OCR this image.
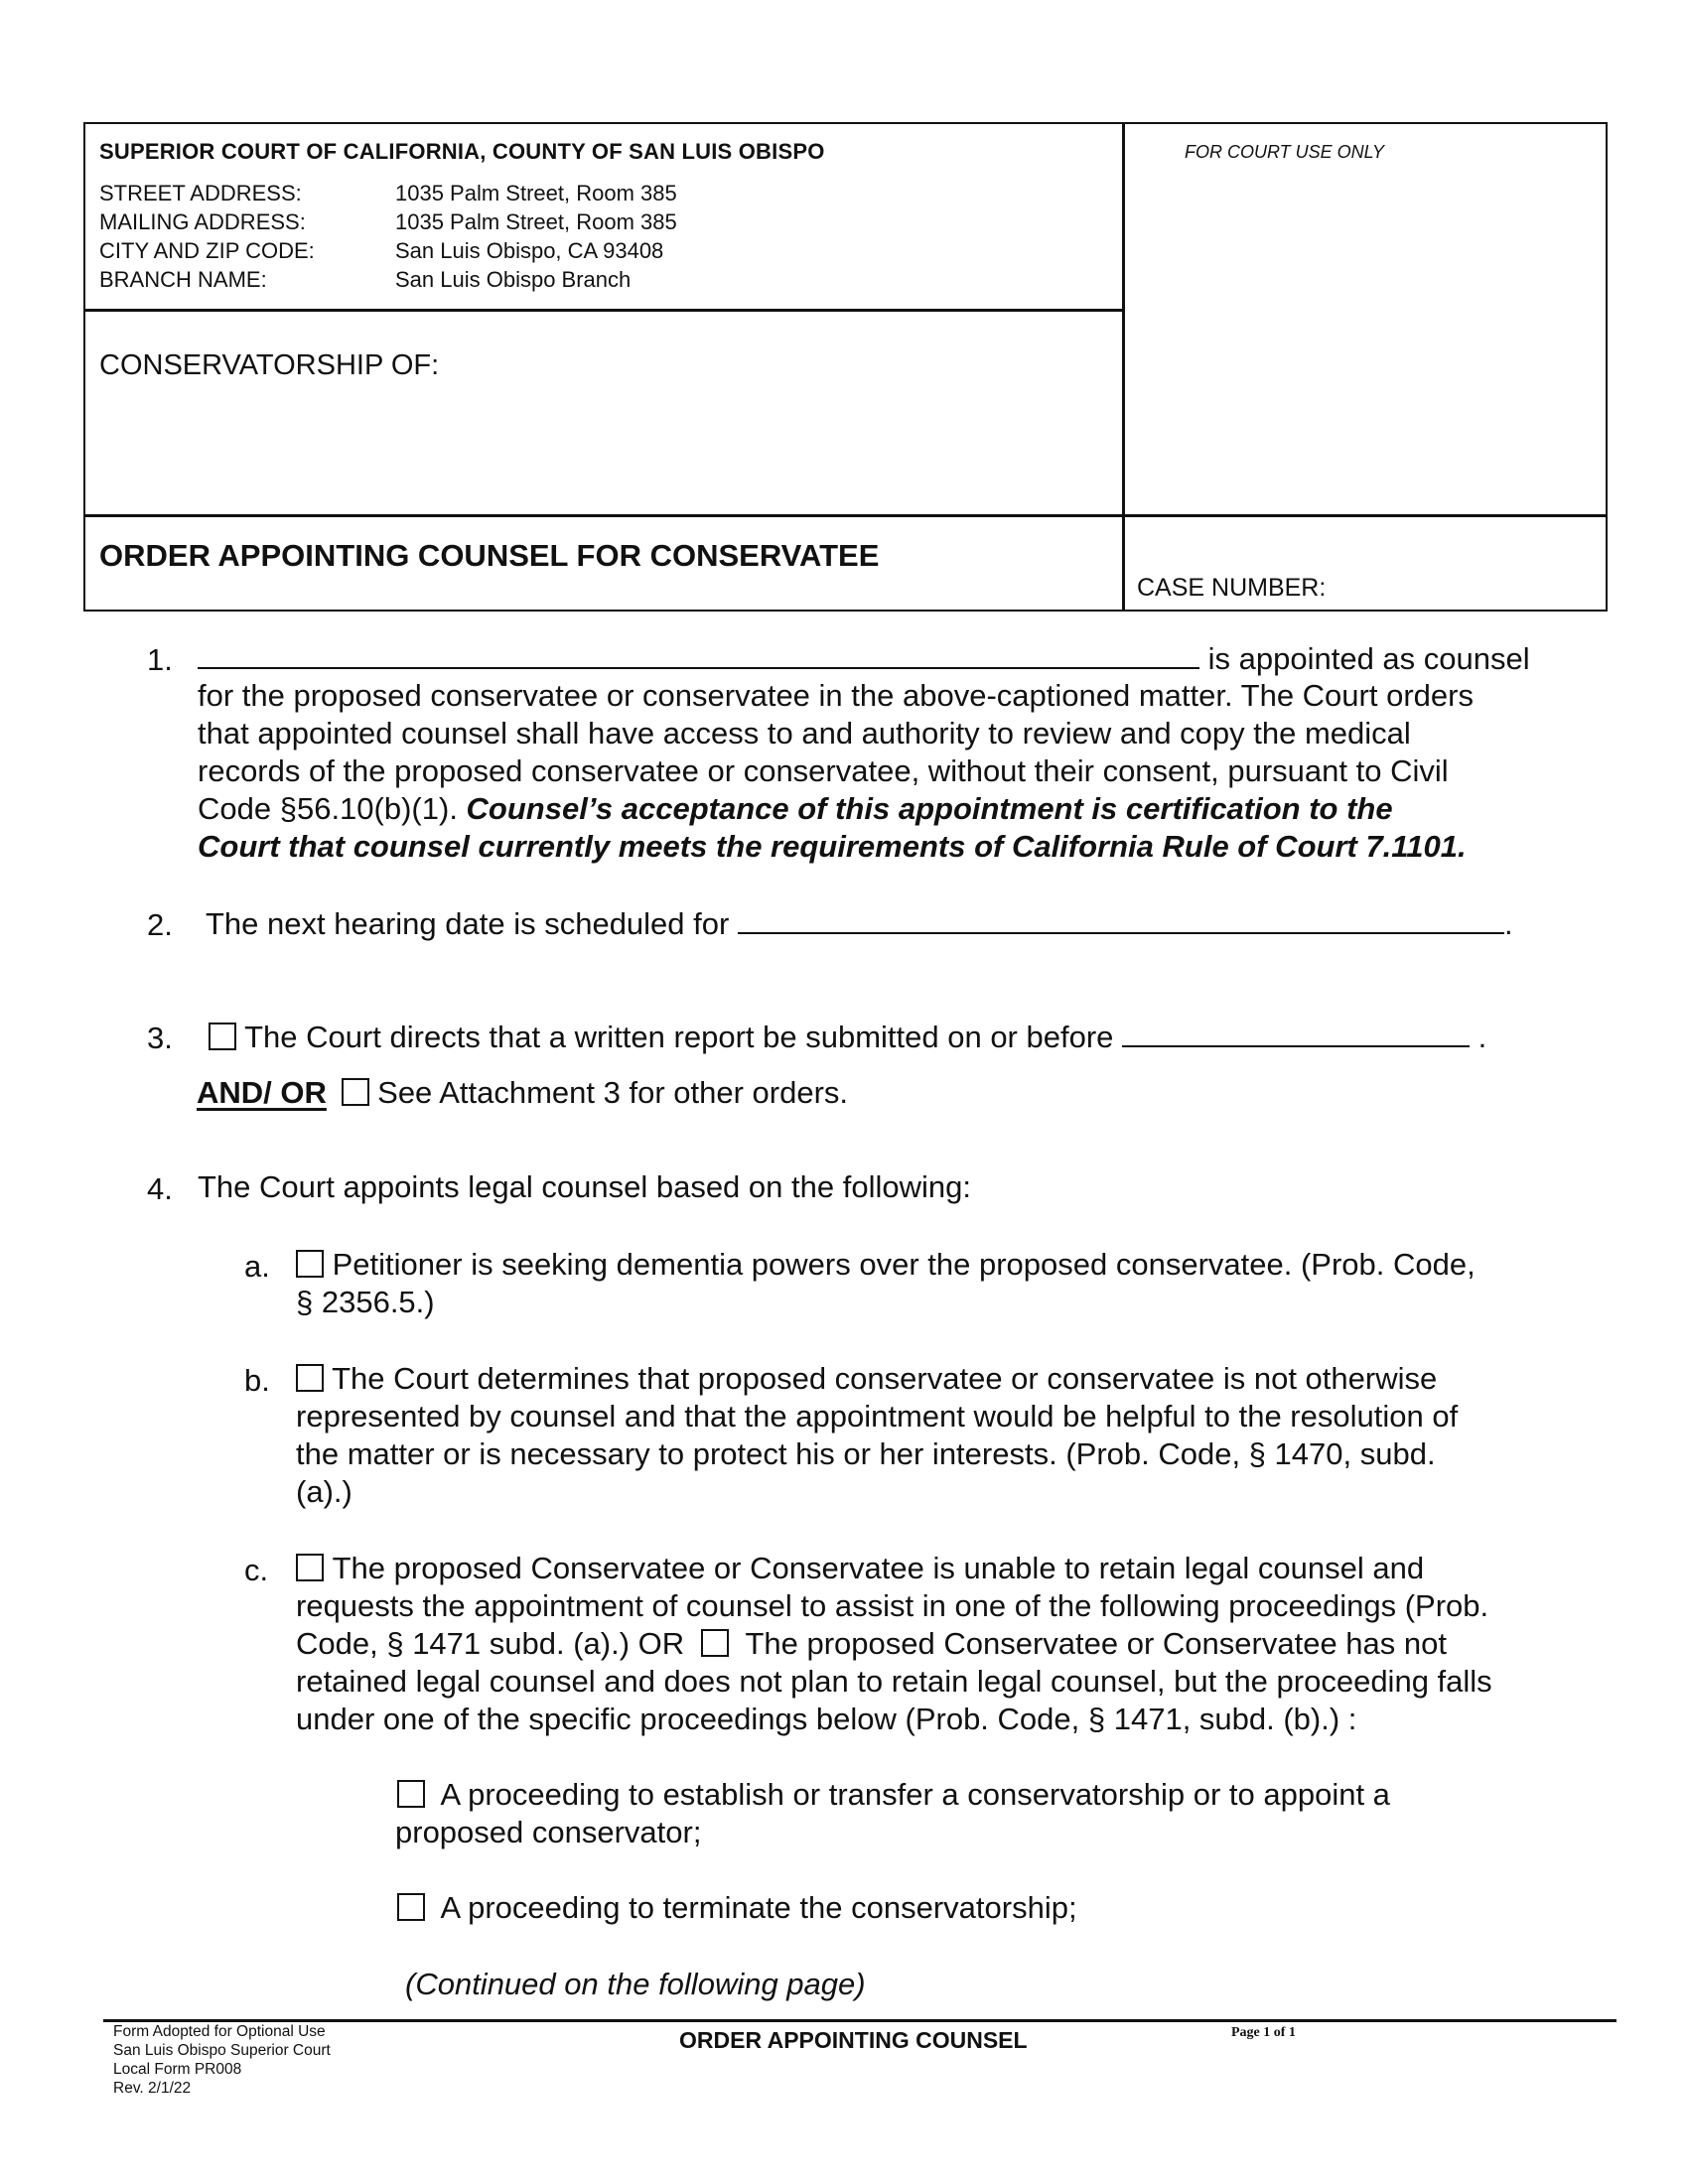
SUPERIOR COURT OF CALIFORNIA, COUNTY OF SAN LUIS OBISPO	FOR COURT USE ONLY
STREET ADDRESS:	1035 Palm Street, Room 385
MAILING ADDRESS:	1035 Palm Street, Room 385
CITY AND ZIP CODE:	San Luis Obispo, CA 93408
BRANCH NAME:	San Luis Obispo Branch
CONSERVATORSHIP OF:
ORDER APPOINTING COUNSEL FOR CONSERVATEE
CASE NUMBER:
1.	is appointed as counsel
for the proposed conservatee or conservatee in the above-captioned matter. The Court orders
that appointed counsel shall have access to and authority to review and copy the medical
records of the proposed conservatee or conservatee, without their consent, pursuant to Civil
Code §56.10(b)(1). Counsel’s acceptance of this appointment is certification to the
Court that counsel currently meets the requirements of California Rule of Court 7.1101.
2. The next hearing date is scheduled for	.
3.	The Court directs that a written report be submitted on or before	.
AND/ OR See Attachment 3 for other orders.
4. The Court appoints legal counsel based on the following:
a.	Petitioner is seeking dementia powers over the proposed conservatee. (Prob. Code,
§ 2356.5.)
b.	The Court determines that proposed conservatee or conservatee is not otherwise
represented by counsel and that the appointment would be helpful to the resolution of
the matter or is necessary to protect his or her interests. (Prob. Code, § 1470, subd.
(a).)
c.	The proposed Conservatee or Conservatee is unable to retain legal counsel and
requests the appointment of counsel to assist in one of the following proceedings (Prob.
Code, § 1471 subd. (a).) OR The proposed Conservatee or Conservatee has not
retained legal counsel and does not plan to retain legal counsel, but the proceeding falls
under one of the specific proceedings below (Prob. Code, § 1471, subd. (b).) :
A proceeding to establish or transfer a conservatorship or to appoint a
proposed conservator;
A proceeding to terminate the conservatorship;
(Continued on the following page)
Form Adopted for Optional Use
San Luis Obispo Superior Court
Local Form PR008
Rev. 2/1/22
ORDER APPOINTING COUNSEL	Page 1 of 1
